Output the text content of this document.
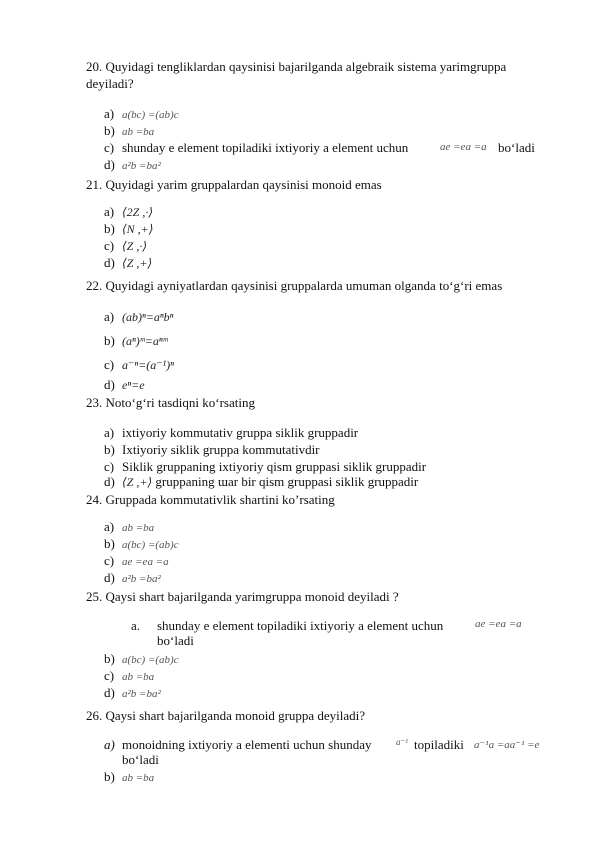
20. Quyidagi tengliklardan qaysinisi bajarilganda algebraik sistema yarimgruppa
deyiladi?
a) a(bc) =(ab)c
b) ab =ba
c) shunday e element topiladiki ixtiyoriy a element uchun	ae =ea =a bo‘ladi
d) a²b =ba²
21. Quyidagi yarim gruppalardan qaysinisi monoid emas
a) ⟨2Z ,·⟩
b) ⟨N ,+⟩
c) ⟨Z ,·⟩
d) ⟨Z ,+⟩
22. Quyidagi ayniyatlardan qaysinisi gruppalarda umuman olganda to‘g‘ri emas
a) (ab)ⁿ=aⁿbⁿ
b) (aⁿ)ᵐ=aⁿᵐ
c) a⁻ⁿ=(a⁻¹)ⁿ
d) eⁿ=e
23. Noto‘g‘ri tasdiqni ko‘rsating
a) ixtiyoriy kommutativ gruppa siklik gruppadir
b) Ixtiyoriy siklik gruppa kommutativdir
c) Siklik gruppaning ixtiyoriy qism gruppasi siklik gruppadir
d) ⟨Z ,+⟩ gruppaning ɯar bir qism gruppasi siklik gruppadir
24. Gruppada kommutativlik shartini ko’rsating
a) ab =ba
b) a(bc) =(ab)c
c) ae =ea =a
d) a²b =ba²
25. Qaysi shart bajarilganda yarimgruppa monoid deyiladi ?
a. shunday e element topiladiki ixtiyoriy a element uchun	ae =ea =a
bo‘ladi
b) a(bc) =(ab)c
c) ab =ba
d) a²b =ba²
26. Qaysi shart bajarilganda monoid gruppa deyiladi?
a) monoidning ixtiyoriy a elementi uchun shunday	a⁻¹ topiladiki a⁻¹a =aa⁻¹ =e
bo‘ladi
b) ab =ba
